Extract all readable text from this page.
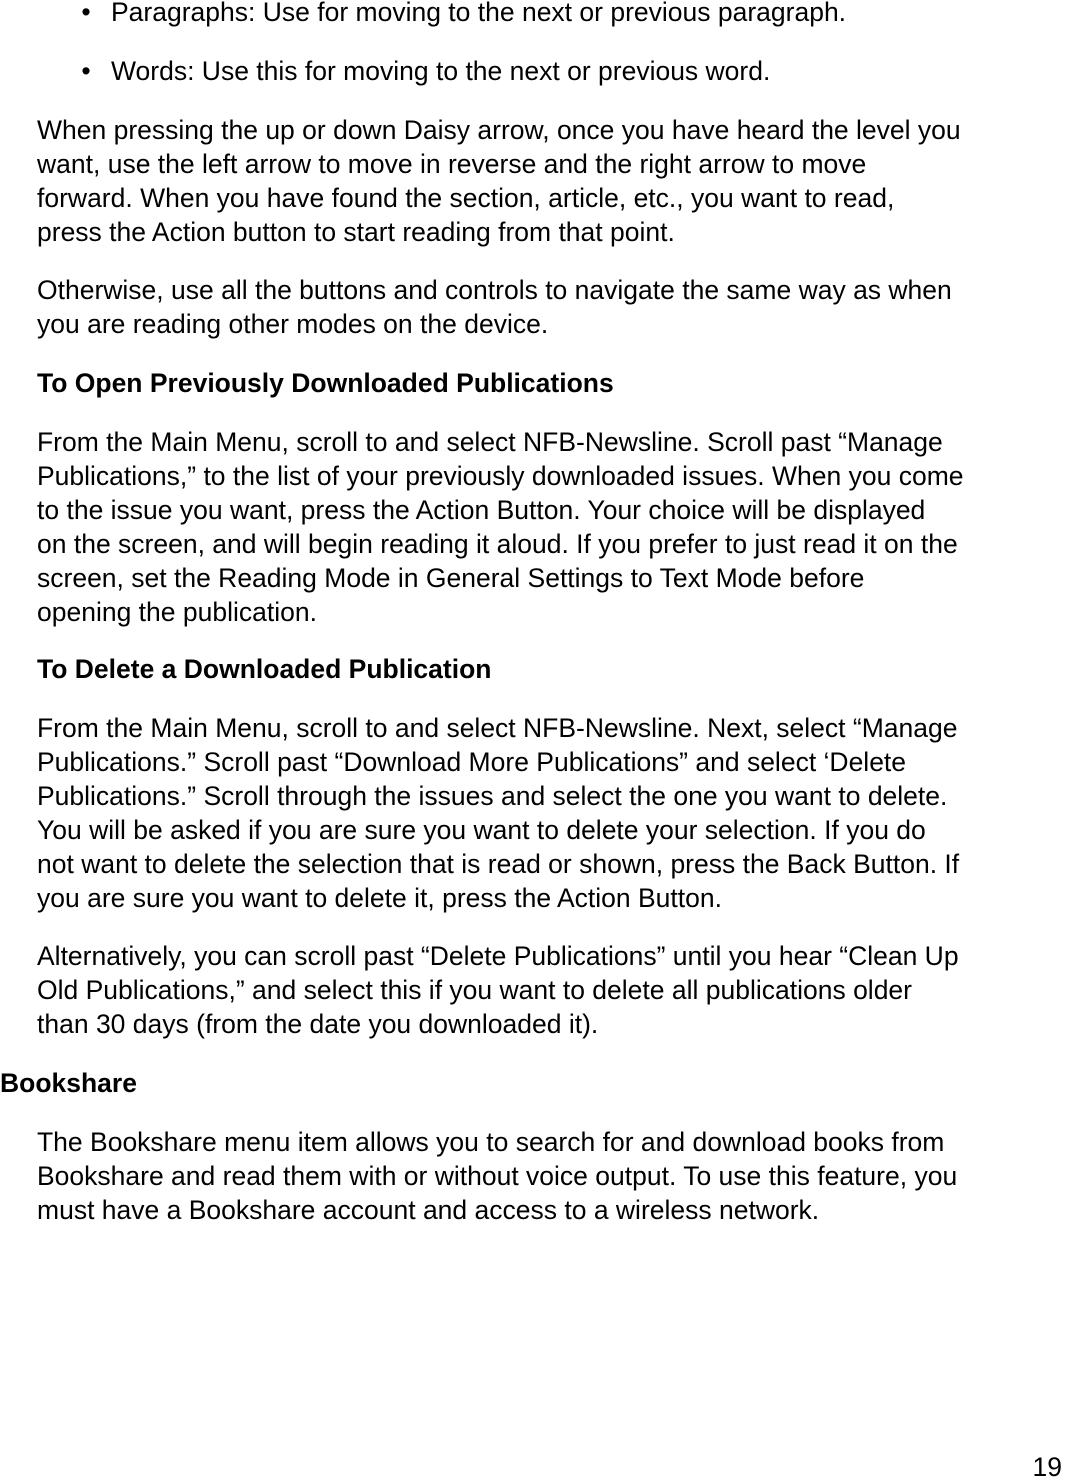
• Paragraphs: Use for moving to the next or previous paragraph.
• Words: Use this for moving to the next or previous word.
When pressing the up or down Daisy arrow, once you have heard the level you
want, use the left arrow to move in reverse and the right arrow to move
forward. When you have found the section, article, etc., you want to read,
press the Action button to start reading from that point.
Otherwise, use all the buttons and controls to navigate the same way as when
you are reading other modes on the device.
To Open Previously Downloaded Publications
From the Main Menu, scroll to and select NFB-Newsline. Scroll past “Manage
Publications,” to the list of your previously downloaded issues. When you come
to the issue you want, press the Action Button. Your choice will be displayed
on the screen, and will begin reading it aloud. If you prefer to just read it on the
screen, set the Reading Mode in General Settings to Text Mode before
opening the publication.
To Delete a Downloaded Publication
From the Main Menu, scroll to and select NFB-Newsline. Next, select “Manage
Publications.” Scroll past “Download More Publications” and select ‘Delete
Publications.” Scroll through the issues and select the one you want to delete.
You will be asked if you are sure you want to delete your selection. If you do
not want to delete the selection that is read or shown, press the Back Button. If
you are sure you want to delete it, press the Action Button.
Alternatively, you can scroll past “Delete Publications” until you hear “Clean Up
Old Publications,” and select this if you want to delete all publications older
than 30 days (from the date you downloaded it).
Bookshare
The Bookshare menu item allows you to search for and download books from
Bookshare and read them with or without voice output. To use this feature, you
must have a Bookshare account and access to a wireless network.
19
